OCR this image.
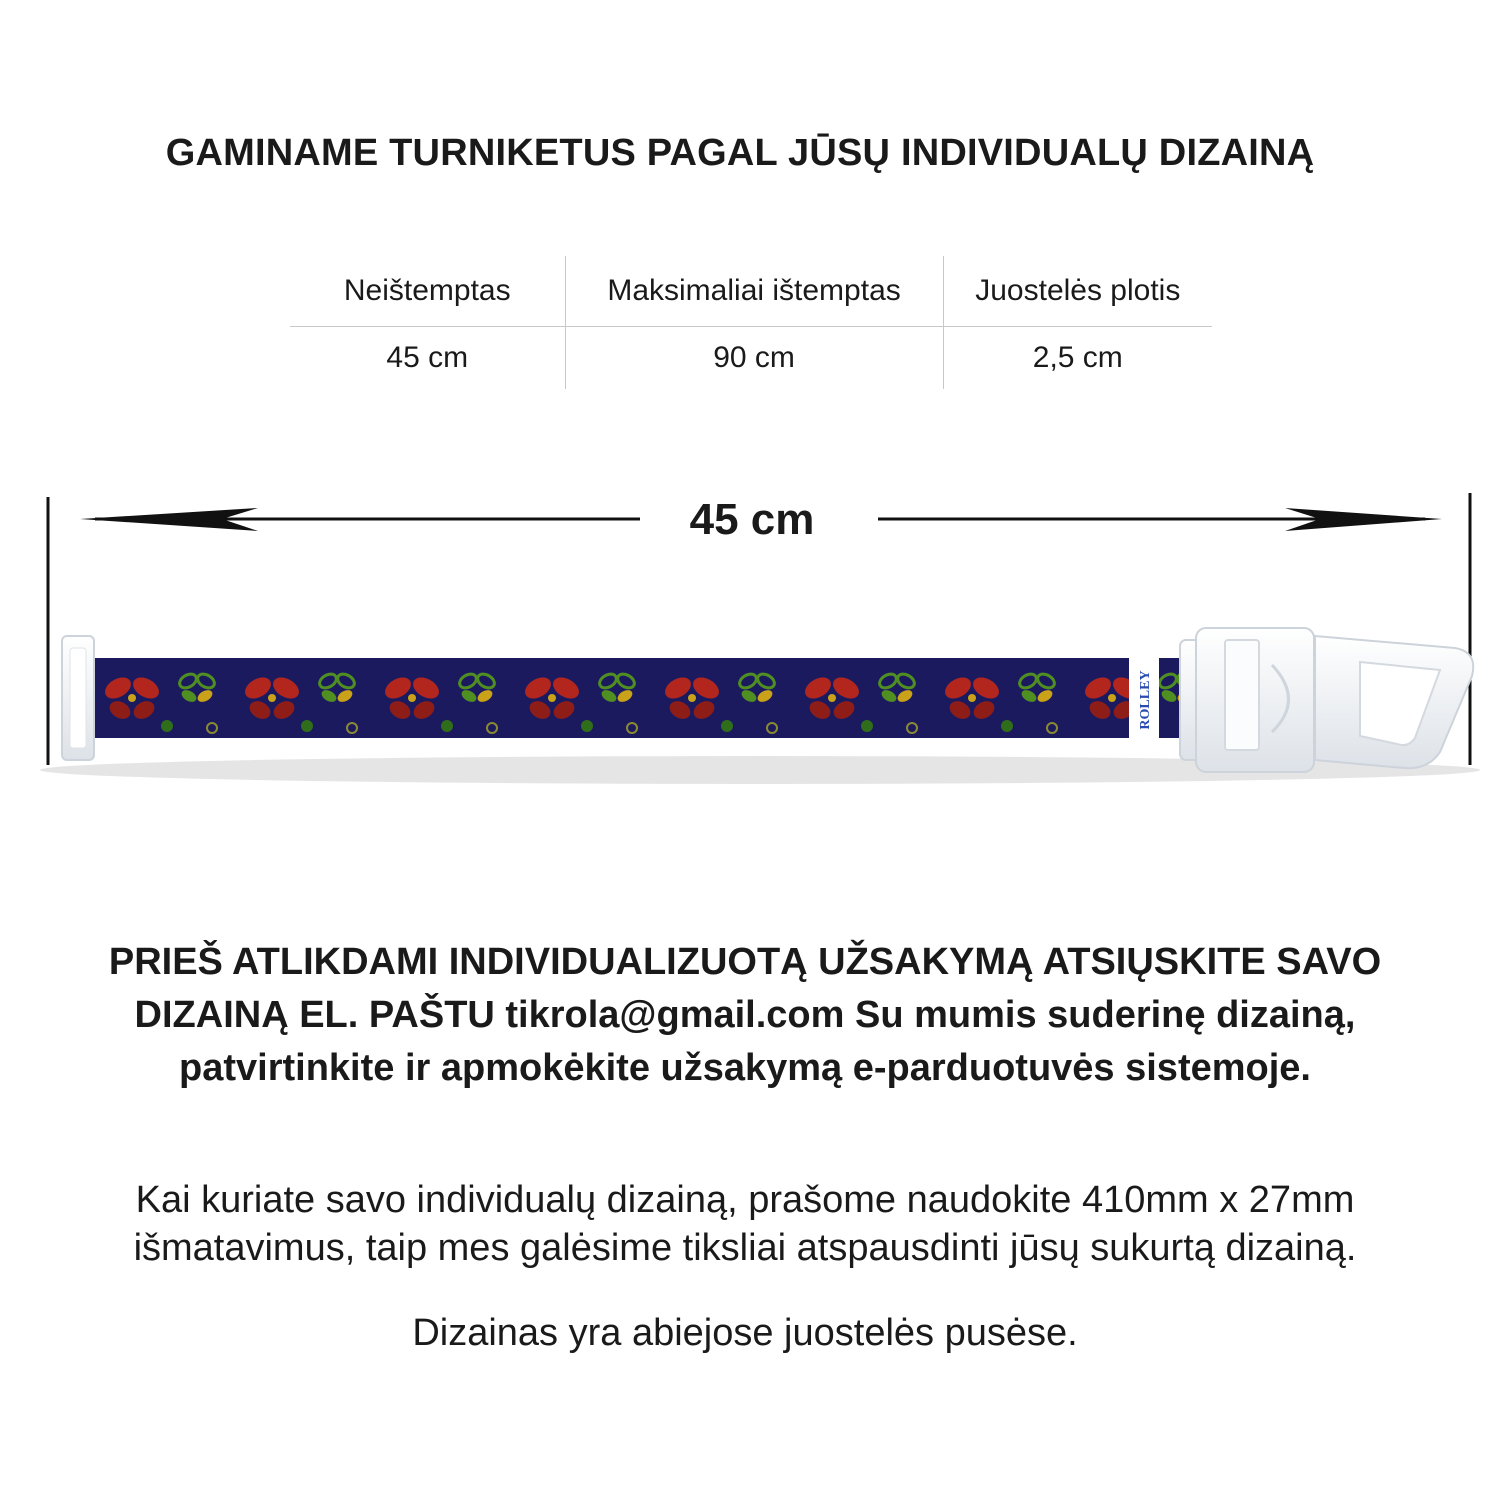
GAMINAME TURNIKETUS PAGAL JŪSŲ INDIVIDUALŲ DIZAINĄ
Neištemptas	Maksimaliai ištemptas	Juostelės plotis
45 cm	90 cm	2,5 cm
ROLLEY
45 cm
PRIEŠ ATLIKDAMI INDIVIDUALIZUOTĄ UŽSAKYMĄ ATSIŲSKITE SAVO DIZAINĄ EL. PAŠTU tikrola@gmail.com Su mumis suderinę dizainą, patvirtinkite ir apmokėkite užsakymą e-parduotuvės sistemoje.
Kai kuriate savo individualų dizainą, prašome naudokite 410mm x 27mm išmatavimus, taip mes galėsime tiksliai atspausdinti jūsų sukurtą dizainą.
Dizainas yra abiejose juostelės pusėse.
